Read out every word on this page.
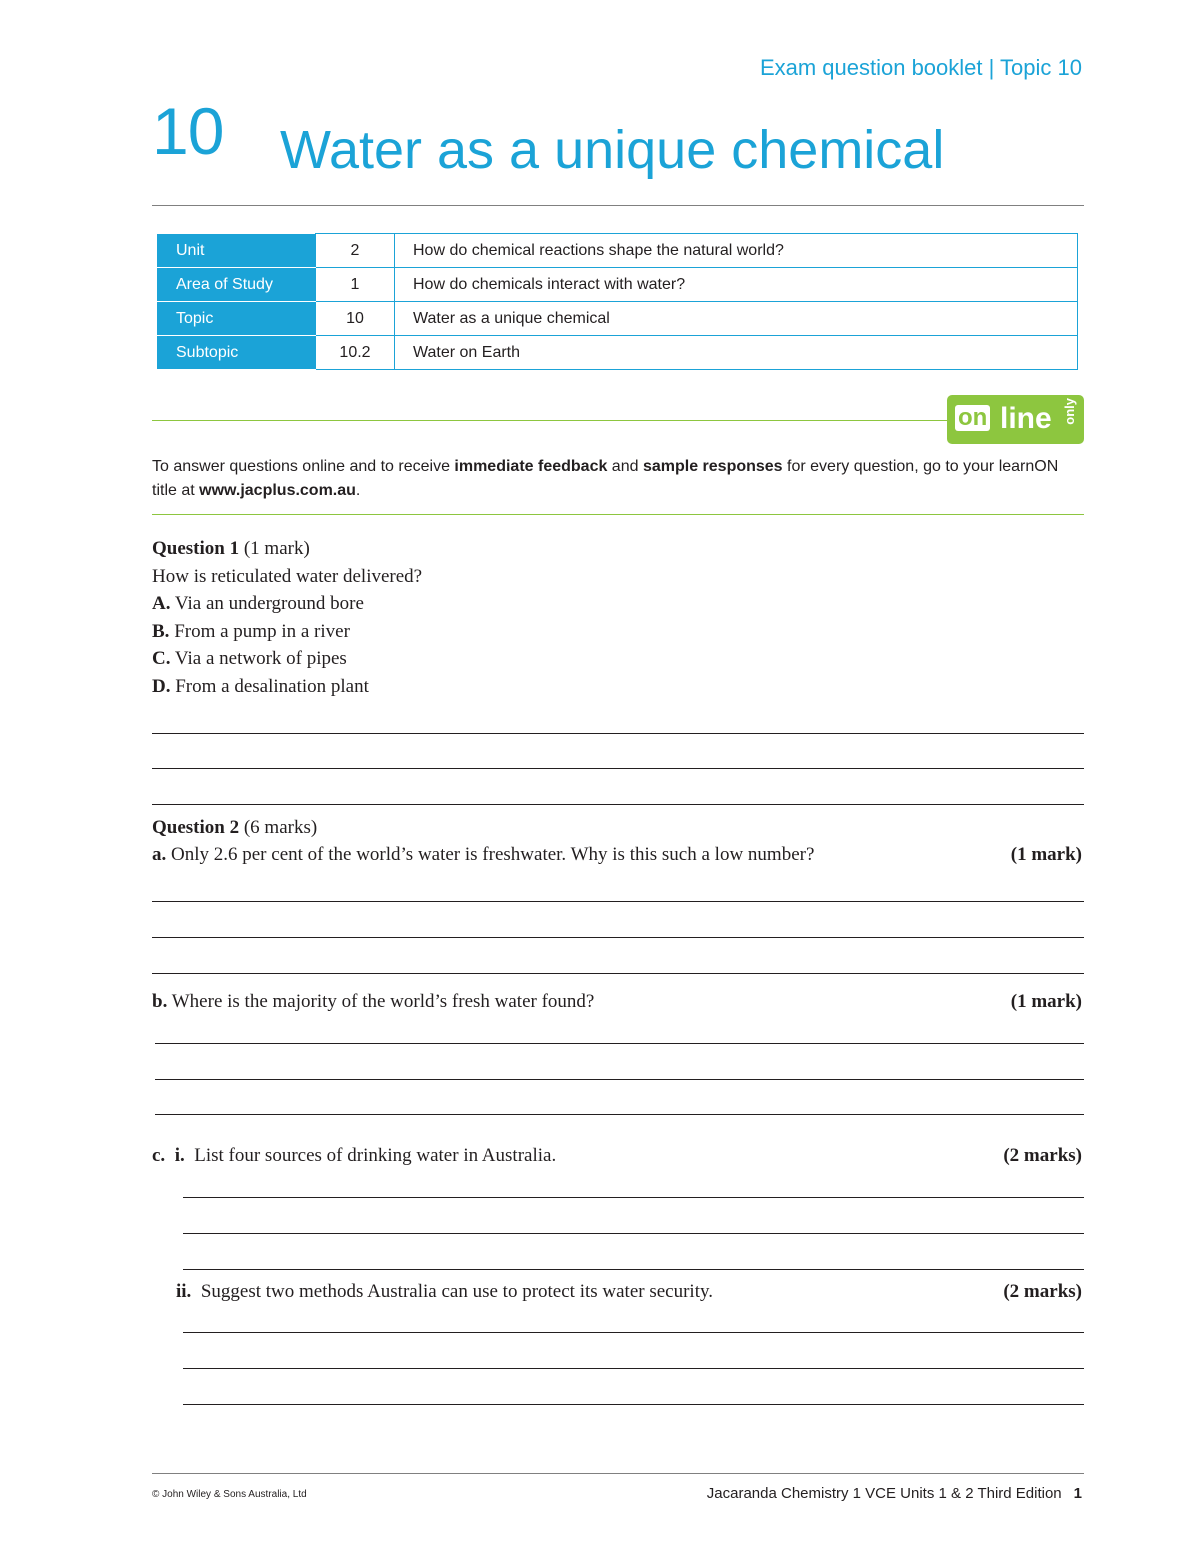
Exam question booklet | Topic 10
10 Water as a unique chemical
Unit	2	How do chemical reactions shape the natural world?
Area of Study	1	How do chemicals interact with water?
Topic	10	Water as a unique chemical
Subtopic	10.2	Water on Earth
on line only
To answer questions online and to receive immediate feedback and sample responses for every question, go to your learnON title at www.jacplus.com.au.
Question 1 (1 mark)
How is reticulated water delivered?
A. Via an underground bore
B. From a pump in a river
C. Via a network of pipes
D. From a desalination plant
Question 2 (6 marks)
a. Only 2.6 per cent of the world’s water is freshwater. Why is this such a low number?	(1 mark)
b. Where is the majority of the world’s fresh water found?	(1 mark)
c. i. List four sources of drinking water in Australia.	(2 marks)
ii. Suggest two methods Australia can use to protect its water security.	(2 marks)
© John Wiley & Sons Australia, Ltd	Jacaranda Chemistry 1 VCE Units 1 & 2 Third Edition 1
